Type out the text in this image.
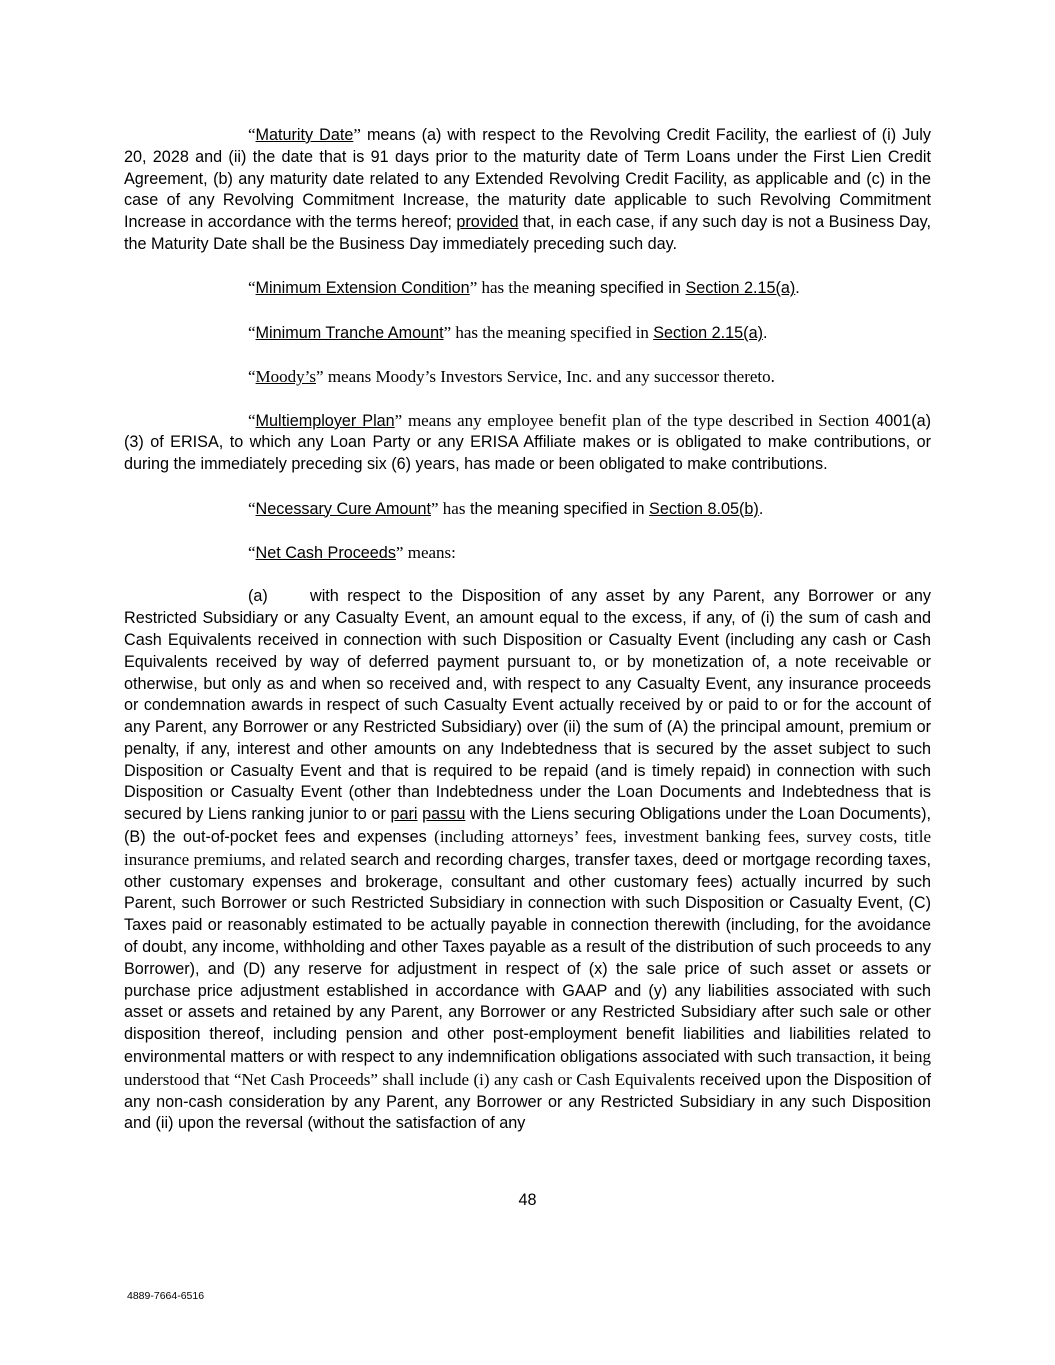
“Maturity Date” means (a) with respect to the Revolving Credit Facility, the earliest of (i) July 20, 2028 and (ii) the date that is 91 days prior to the maturity date of Term Loans under the First Lien Credit Agreement, (b) any maturity date related to any Extended Revolving Credit Facility, as applicable and (c) in the case of any Revolving Commitment Increase, the maturity date applicable to such Revolving Commitment Increase in accordance with the terms hereof; provided that, in each case, if any such day is not a Business Day, the Maturity Date shall be the Business Day immediately preceding such day.

“Minimum Extension Condition” has the meaning specified in Section 2.15(a).

“Minimum Tranche Amount” has the meaning specified in Section 2.15(a).

“Moody’s” means Moody’s Investors Service, Inc. and any successor thereto.

“Multiemployer Plan” means any employee benefit plan of the type described in Section 4001(a)(3) of ERISA, to which any Loan Party or any ERISA Affiliate makes or is obligated to make contributions, or during the immediately preceding six (6) years, has made or been obligated to make contributions.

“Necessary Cure Amount” has the meaning specified in Section 8.05(b).

“Net Cash Proceeds” means:

(a)	with respect to the Disposition of any asset by any Parent, any Borrower or any Restricted Subsidiary or any Casualty Event, an amount equal to the excess, if any, of (i) the sum of cash and Cash Equivalents received in connection with such Disposition or Casualty Event (including any cash or Cash Equivalents received by way of deferred payment pursuant to, or by monetization of, a note receivable or otherwise, but only as and when so received and, with respect to any Casualty Event, any insurance proceeds or condemnation awards in respect of such Casualty Event actually received by or paid to or for the account of any Parent, any Borrower or any Restricted Subsidiary) over (ii) the sum of (A) the principal amount, premium or penalty, if any, interest and other amounts on any Indebtedness that is secured by the asset subject to such Disposition or Casualty Event and that is required to be repaid (and is timely repaid) in connection with such Disposition or Casualty Event (other than Indebtedness under the Loan Documents and Indebtedness that is secured by Liens ranking junior to or pari passu with the Liens securing Obligations under the Loan Documents), (B) the out-of-pocket fees and expenses (including attorneys’ fees, investment banking fees, survey costs, title insurance premiums, and related search and recording charges, transfer taxes, deed or mortgage recording taxes, other customary expenses and brokerage, consultant and other customary fees) actually incurred by such Parent, such Borrower or such Restricted Subsidiary in connection with such Disposition or Casualty Event, (C) Taxes paid or reasonably estimated to be actually payable in connection therewith (including, for the avoidance of doubt, any income, withholding and other Taxes payable as a result of the distribution of such proceeds to any Borrower), and (D) any reserve for adjustment in respect of (x) the sale price of such asset or assets or purchase price adjustment established in accordance with GAAP and (y) any liabilities associated with such asset or assets and retained by any Parent, any Borrower or any Restricted Subsidiary after such sale or other disposition thereof, including pension and other post-employment benefit liabilities and liabilities related to environmental matters or with respect to any indemnification obligations associated with such transaction, it being understood that “Net Cash Proceeds” shall include (i) any cash or Cash Equivalents received upon the Disposition of any non-cash consideration by any Parent, any Borrower or any Restricted Subsidiary in any such Disposition and (ii) upon the reversal (without the satisfaction of any

48
4889-7664-6516
